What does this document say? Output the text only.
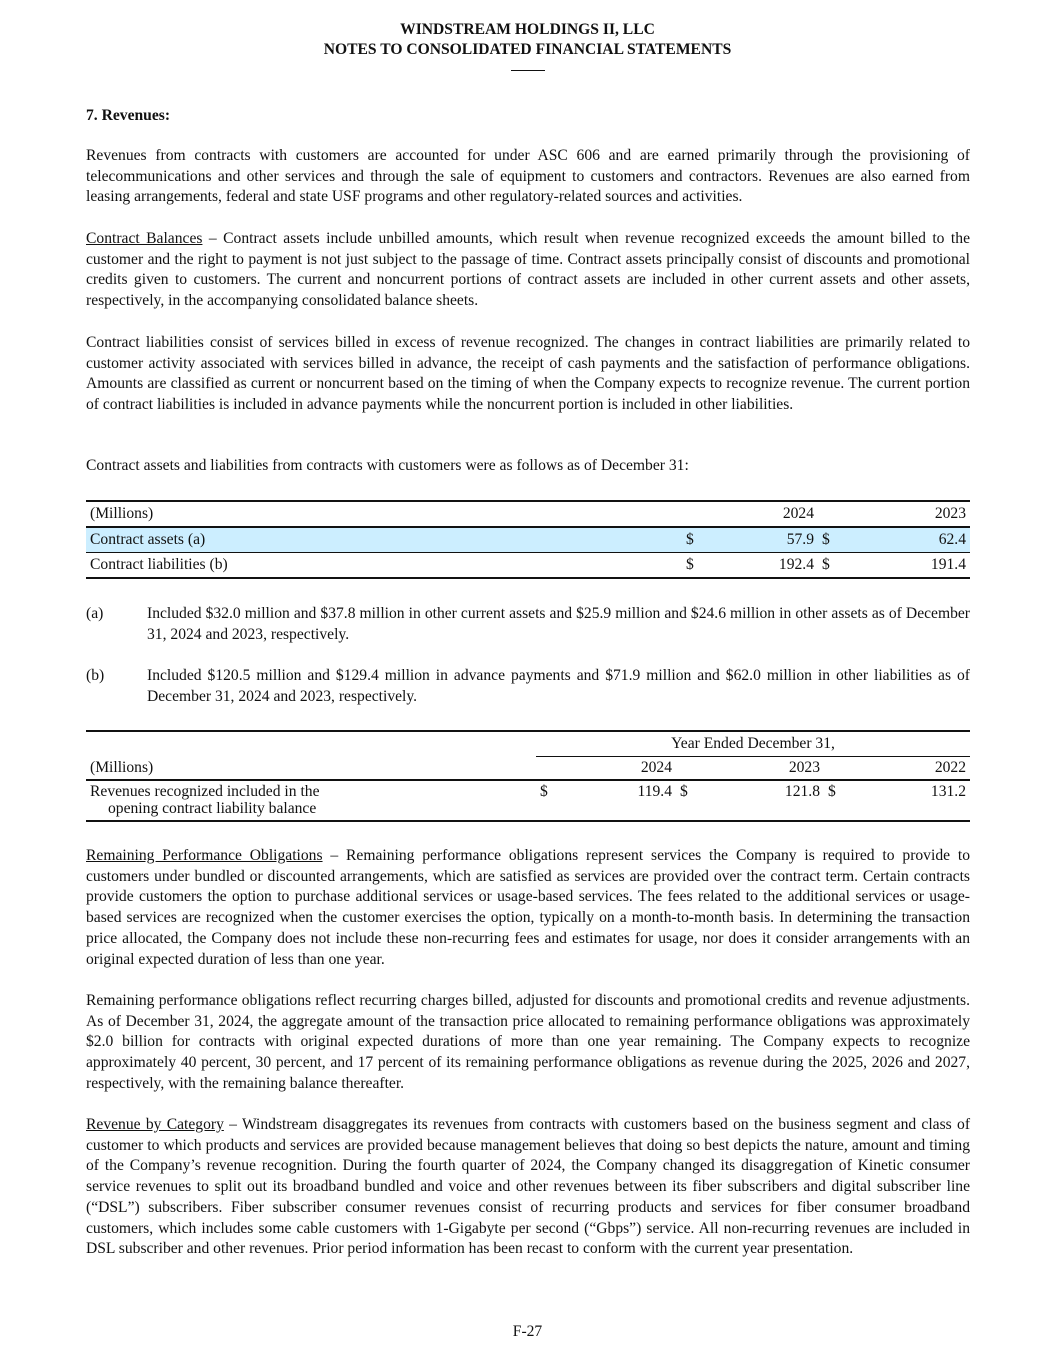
WINDSTREAM HOLDINGS II, LLC
NOTES TO CONSOLIDATED FINANCIAL STATEMENTS
7. Revenues:

Revenues from contracts with customers are accounted for under ASC 606 and are earned primarily through the provisioning of telecommunications and other services and through the sale of equipment to customers and contractors. Revenues are also earned from leasing arrangements, federal and state USF programs and other regulatory-related sources and activities.

Contract Balances – Contract assets include unbilled amounts, which result when revenue recognized exceeds the amount billed to the customer and the right to payment is not just subject to the passage of time. Contract assets principally consist of discounts and promotional credits given to customers. The current and noncurrent portions of contract assets are included in other current assets and other assets, respectively, in the accompanying consolidated balance sheets.

Contract liabilities consist of services billed in excess of revenue recognized. The changes in contract liabilities are primarily related to customer activity associated with services billed in advance, the receipt of cash payments and the satisfaction of performance obligations. Amounts are classified as current or noncurrent based on the timing of when the Company expects to recognize revenue. The current portion of contract liabilities is included in advance payments while the noncurrent portion is included in other liabilities.

Contract assets and liabilities from contracts with customers were as follows as of December 31:

(Millions)		2024		2023
Contract assets (a)	$	57.9	$	62.4
Contract liabilities (b)	$	192.4	$	191.4
(a)	Included $32.0 million and $37.8 million in other current assets and $25.9 million and $24.6 million in other assets as of December 31, 2024 and 2023, respectively.
(b)	Included $120.5 million and $129.4 million in advance payments and $71.9 million and $62.0 million in other liabilities as of December 31, 2024 and 2023, respectively.

	Year Ended December 31,					
(Millions)		2024		2023		2022
Revenues recognized included in the
opening contract liability balance	$	119.4	$	121.8	$	131.2

Remaining Performance Obligations – Remaining performance obligations represent services the Company is required to provide to customers under bundled or discounted arrangements, which are satisfied as services are provided over the contract term. Certain contracts provide customers the option to purchase additional services or usage-based services. The fees related to the additional services or usage-based services are recognized when the customer exercises the option, typically on a month-to-month basis. In determining the transaction price allocated, the Company does not include these non-recurring fees and estimates for usage, nor does it consider arrangements with an original expected duration of less than one year.

Remaining performance obligations reflect recurring charges billed, adjusted for discounts and promotional credits and revenue adjustments. As of December 31, 2024, the aggregate amount of the transaction price allocated to remaining performance obligations was approximately $2.0 billion for contracts with original expected durations of more than one year remaining. The Company expects to recognize approximately 40 percent, 30 percent, and 17 percent of its remaining performance obligations as revenue during the 2025, 2026 and 2027, respectively, with the remaining balance thereafter.

Revenue by Category – Windstream disaggregates its revenues from contracts with customers based on the business segment and class of customer to which products and services are provided because management believes that doing so best depicts the nature, amount and timing of the Company’s revenue recognition. During the fourth quarter of 2024, the Company changed its disaggregation of Kinetic consumer service revenues to split out its broadband bundled and voice and other revenues between its fiber subscribers and digital subscriber line (“DSL”) subscribers. Fiber subscriber consumer revenues consist of recurring products and services for fiber consumer broadband customers, which includes some cable customers with 1-Gigabyte per second (“Gbps”) service. All non-recurring revenues are included in DSL subscriber and other revenues. Prior period information has been recast to conform with the current year presentation.

F-27
